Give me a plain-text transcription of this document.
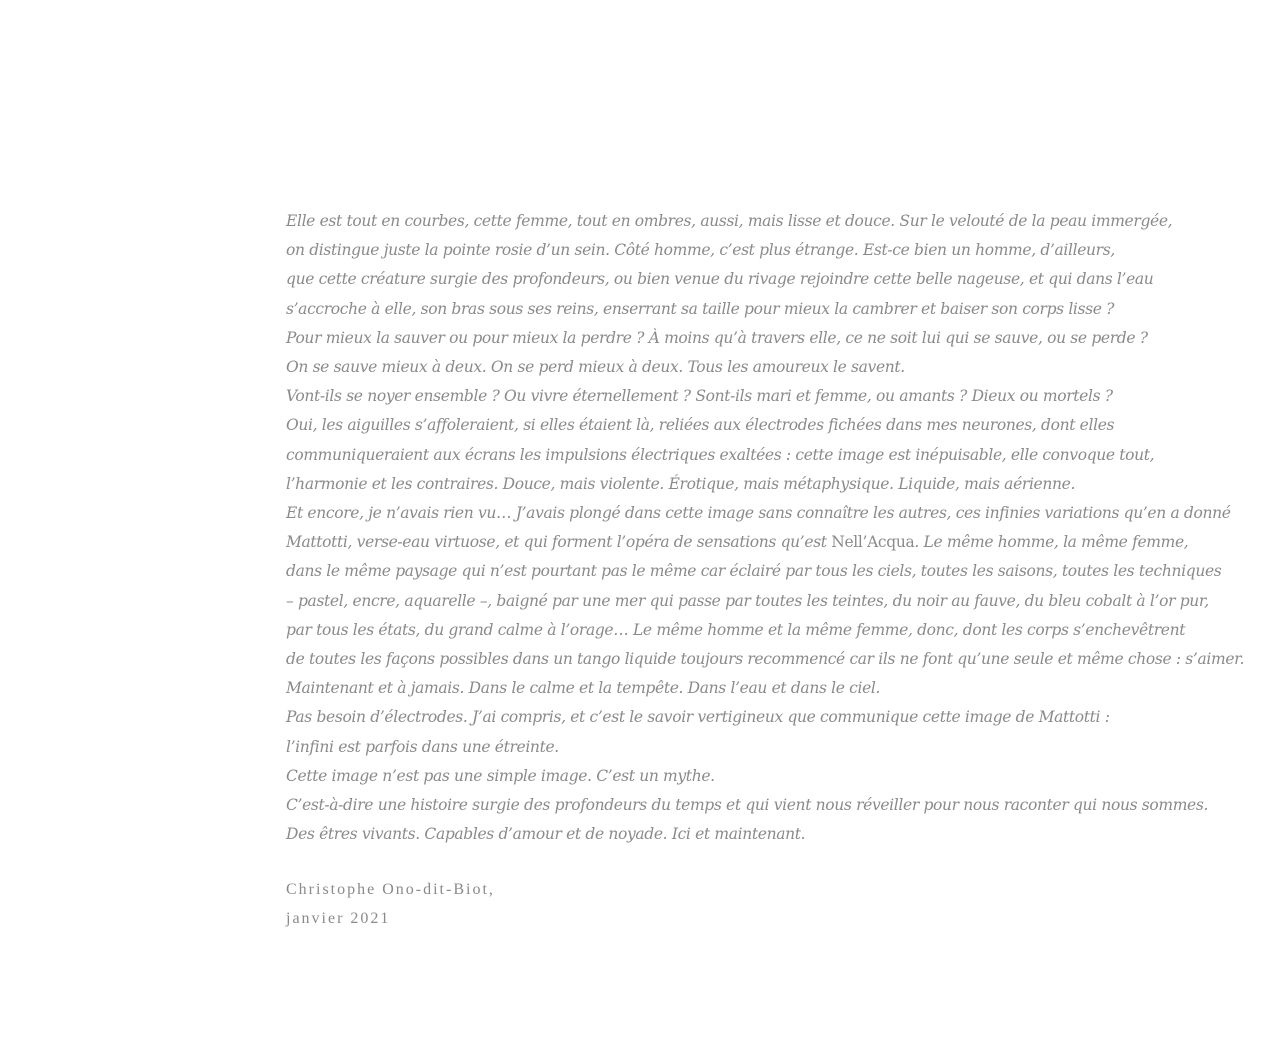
Elle est tout en courbes, cette femme, tout en ombres, aussi, mais lisse et douce. Sur le velouté de la peau immergée,
on distingue juste la pointe rosie d’un sein. Côté homme, c’est plus étrange. Est-ce bien un homme, d’ailleurs,
que cette créature surgie des profondeurs, ou bien venue du rivage rejoindre cette belle nageuse, et qui dans l’eau
s’accroche à elle, son bras sous ses reins, enserrant sa taille pour mieux la cambrer et baiser son corps lisse ?
Pour mieux la sauver ou pour mieux la perdre ? À moins qu’à travers elle, ce ne soit lui qui se sauve, ou se perde ?
On se sauve mieux à deux. On se perd mieux à deux. Tous les amoureux le savent.
Vont-ils se noyer ensemble ? Ou vivre éternellement ? Sont-ils mari et femme, ou amants ? Dieux ou mortels ?
Oui, les aiguilles s’affoleraient, si elles étaient là, reliées aux électrodes fichées dans mes neurones, dont elles
communiqueraient aux écrans les impulsions électriques exaltées : cette image est inépuisable, elle convoque tout,
l’harmonie et les contraires. Douce, mais violente. Érotique, mais métaphysique. Liquide, mais aérienne.
Et encore, je n’avais rien vu… J’avais plongé dans cette image sans connaître les autres, ces infinies variations qu’en a donné
Mattotti, verse-eau virtuose, et qui forment l’opéra de sensations qu’est Nell’Acqua. Le même homme, la même femme,
dans le même paysage qui n’est pourtant pas le même car éclairé par tous les ciels, toutes les saisons, toutes les techniques
– pastel, encre, aquarelle –, baigné par une mer qui passe par toutes les teintes, du noir au fauve, du bleu cobalt à l’or pur,
par tous les états, du grand calme à l’orage… Le même homme et la même femme, donc, dont les corps s’enchevêtrent
de toutes les façons possibles dans un tango liquide toujours recommencé car ils ne font qu’une seule et même chose : s’aimer.
Maintenant et à jamais. Dans le calme et la tempête. Dans l’eau et dans le ciel.
Pas besoin d’électrodes. J’ai compris, et c’est le savoir vertigineux que communique cette image de Mattotti :
l’infini est parfois dans une étreinte.
Cette image n’est pas une simple image. C’est un mythe.
C’est-à-dire une histoire surgie des profondeurs du temps et qui vient nous réveiller pour nous raconter qui nous sommes.
Des êtres vivants. Capables d’amour et de noyade. Ici et maintenant.
Christophe Ono-dit-Biot,
janvier 2021
